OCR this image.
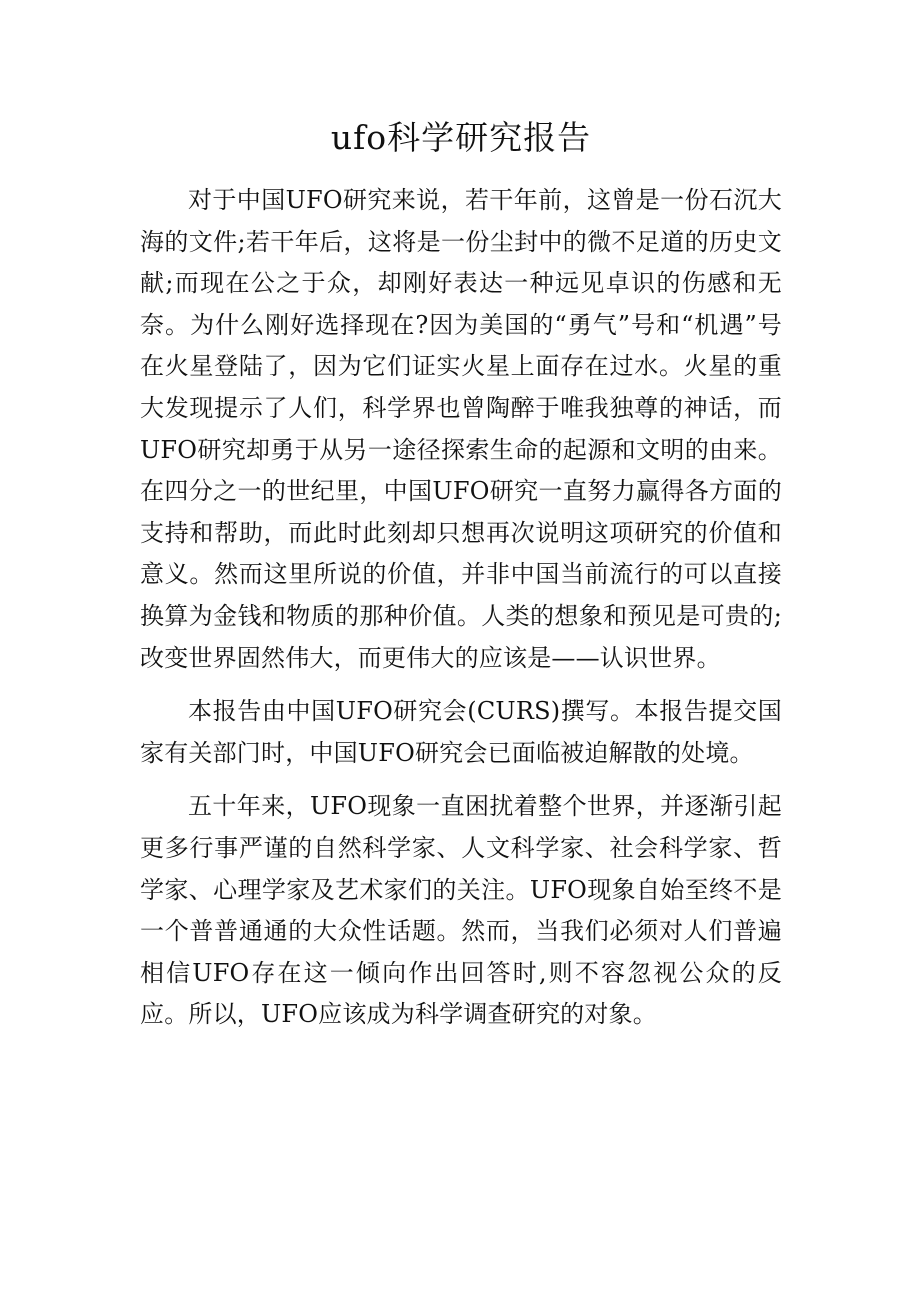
ufo科学研究报告

对于中国UFO研究来说，若干年前，这曾是一份石沉大海的文件;若干年后，这将是一份尘封中的微不足道的历史文献;而现在公之于众，却刚好表达一种远见卓识的伤感和无奈。为什么刚好选择现在?因为美国的“勇气”号和“机遇”号在火星登陆了，因为它们证实火星上面存在过水。火星的重大发现提示了人们，科学界也曾陶醉于唯我独尊的神话，而UFO研究却勇于从另一途径探索生命的起源和文明的由来。在四分之一的世纪里，中国UFO研究一直努力赢得各方面的支持和帮助，而此时此刻却只想再次说明这项研究的价值和意义。然而这里所说的价值，并非中国当前流行的可以直接换算为金钱和物质的那种价值。人类的想象和预见是可贵的;改变世界固然伟大，而更伟大的应该是——认识世界。

本报告由中国UFO研究会(CURS)撰写。本报告提交国家有关部门时，中国UFO研究会已面临被迫解散的处境。

五十年来，UFO现象一直困扰着整个世界，并逐渐引起更多行事严谨的自然科学家、人文科学家、社会科学家、哲学家、心理学家及艺术家们的关注。UFO现象自始至终不是一个普普通通的大众性话题。然而，当我们必须对人们普遍相信UFO存在这一倾向作出回答时,则不容忽视公众的反应。所以，UFO应该成为科学调查研究的对象。
